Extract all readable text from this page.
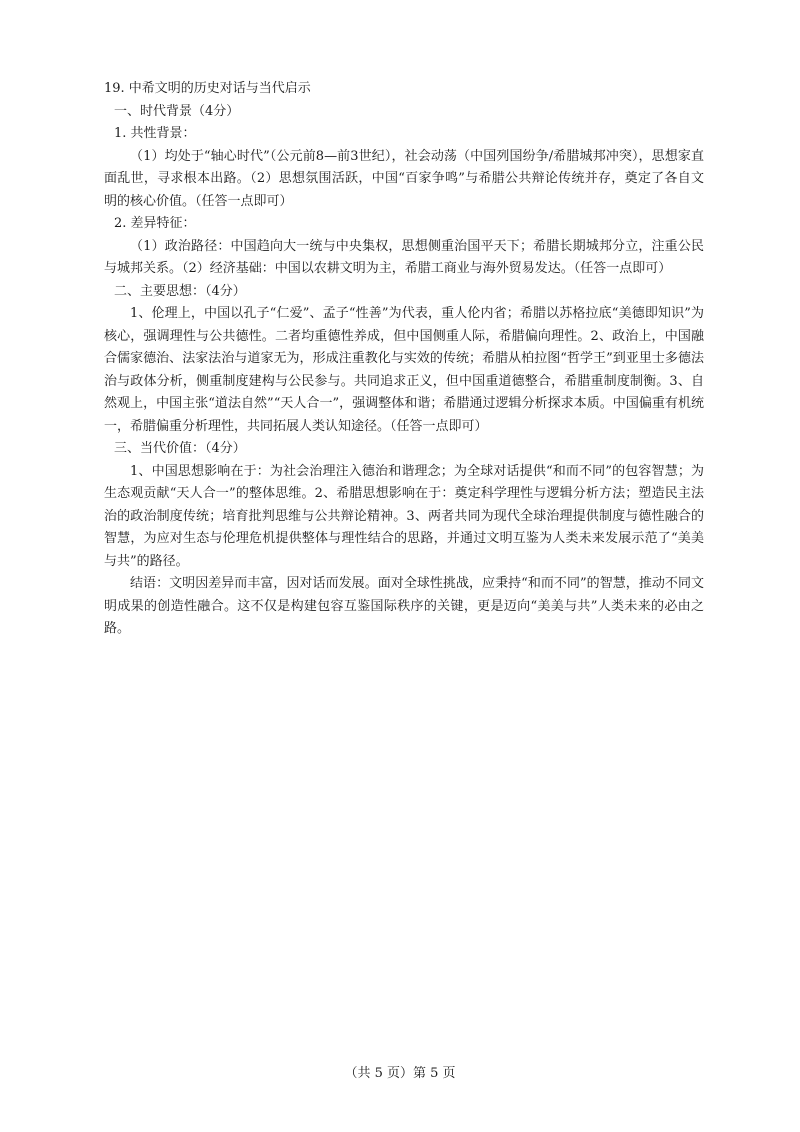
19. 中希文明的历史对话与当代启示

一、时代背景（4分）

1. 共性背景：

（1）均处于“轴心时代”（公元前8—前3世纪），社会动荡（中国列国纷争/希腊城邦冲突），思想家直面乱世，寻求根本出路。（2）思想氛围活跃，中国“百家争鸣”与希腊公共辩论传统并存，奠定了各自文明的核心价值。（任答一点即可）

2. 差异特征：

（1）政治路径：中国趋向大一统与中央集权，思想侧重治国平天下；希腊长期城邦分立，注重公民与城邦关系。（2）经济基础：中国以农耕文明为主，希腊工商业与海外贸易发达。（任答一点即可）

二、主要思想：（4分）

1、伦理上，中国以孔子“仁爱”、孟子“性善”为代表，重人伦内省；希腊以苏格拉底“美德即知识”为核心，强调理性与公共德性。二者均重德性养成，但中国侧重人际，希腊偏向理性。2、政治上，中国融合儒家德治、法家法治与道家无为，形成注重教化与实效的传统；希腊从柏拉图“哲学王”到亚里士多德法治与政体分析，侧重制度建构与公民参与。共同追求正义，但中国重道德整合，希腊重制度制衡。3、自然观上，中国主张“道法自然”“天人合一”，强调整体和谐；希腊通过逻辑分析探求本质。中国偏重有机统一，希腊偏重分析理性，共同拓展人类认知途径。（任答一点即可）

三、当代价值：（4分）

1、中国思想影响在于：为社会治理注入德治和谐理念；为全球对话提供“和而不同”的包容智慧；为生态观贡献“天人合一”的整体思维。2、希腊思想影响在于：奠定科学理性与逻辑分析方法；塑造民主法治的政治制度传统；培育批判思维与公共辩论精神。3、两者共同为现代全球治理提供制度与德性融合的智慧，为应对生态与伦理危机提供整体与理性结合的思路，并通过文明互鉴为人类未来发展示范了“美美与共”的路径。

结语：文明因差异而丰富，因对话而发展。面对全球性挑战，应秉持“和而不同”的智慧，推动不同文明成果的创造性融合。这不仅是构建包容互鉴国际秩序的关键，更是迈向“美美与共”人类未来的必由之路。

（共 5 页）第 5 页
